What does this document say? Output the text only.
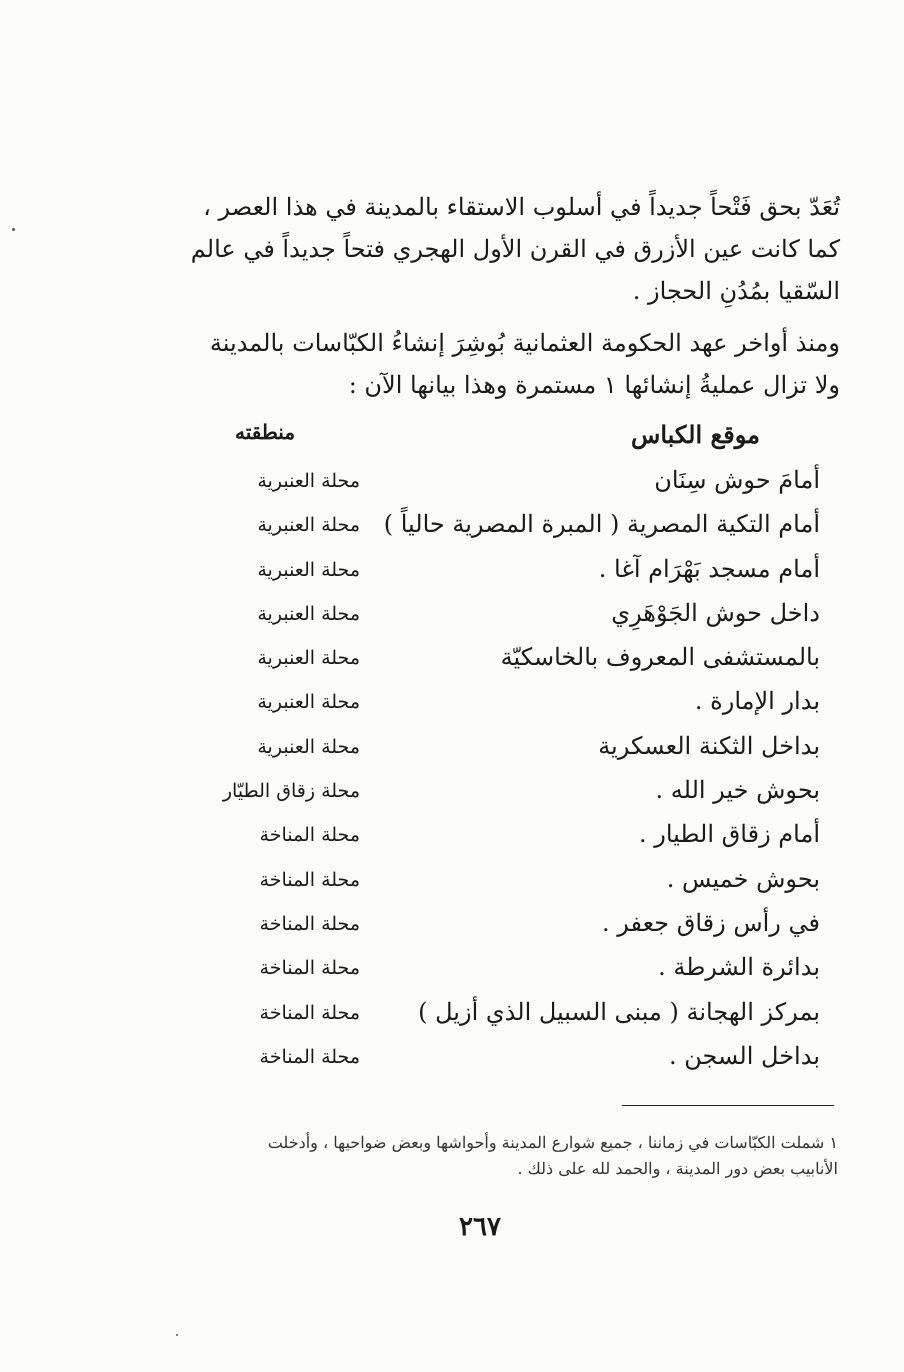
تُعَدّ بحق فَتْحاً جديداً في أسلوب الاستقاء بالمدينة في هذا العصر ،
كما كانت عين الأزرق في القرن الأول الهجري فتحاً جديداً في عالم
السّقيا بمُدُنِ الحجاز .
ومنذ أواخر عهد الحكومة العثمانية بُوشِرَ إنشاءُ الكبّاسات بالمدينة
ولا تزال عمليةُ إنشائها ١ مستمرة وهذا بيانها الآن :
موقع الكباس
منطقته
أمامَ حوش سِنَان
محلة العنبرية
أمام التكية المصرية ( المبرة المصرية حالياً )
محلة العنبرية
أمام مسجد بَهْرَام آغا .
محلة العنبرية
داخل حوش الجَوْهَرِي
محلة العنبرية
بالمستشفى المعروف بالخاسكيّة
محلة العنبرية
بدار الإمارة .
محلة العنبرية
بداخل الثكنة العسكرية
محلة العنبرية
بحوش خير الله .
محلة زقاق الطيّار
أمام زقاق الطيار .
محلة المناخة
بحوش خميس .
محلة المناخة
في رأس زقاق جعفر .
محلة المناخة
بدائرة الشرطة .
محلة المناخة
بمركز الهجانة ( مبنى السبيل الذي أزيل )
محلة المناخة
بداخل السجن .
محلة المناخة
١ شملت الكبّاسات في زماننا ، جميع شوارع المدينة وأحواشها وبعض ضواحيها ، وأدخلت
الأنابيب بعض دور المدينة ، والحمد لله على ذلك .
٢٦٧
